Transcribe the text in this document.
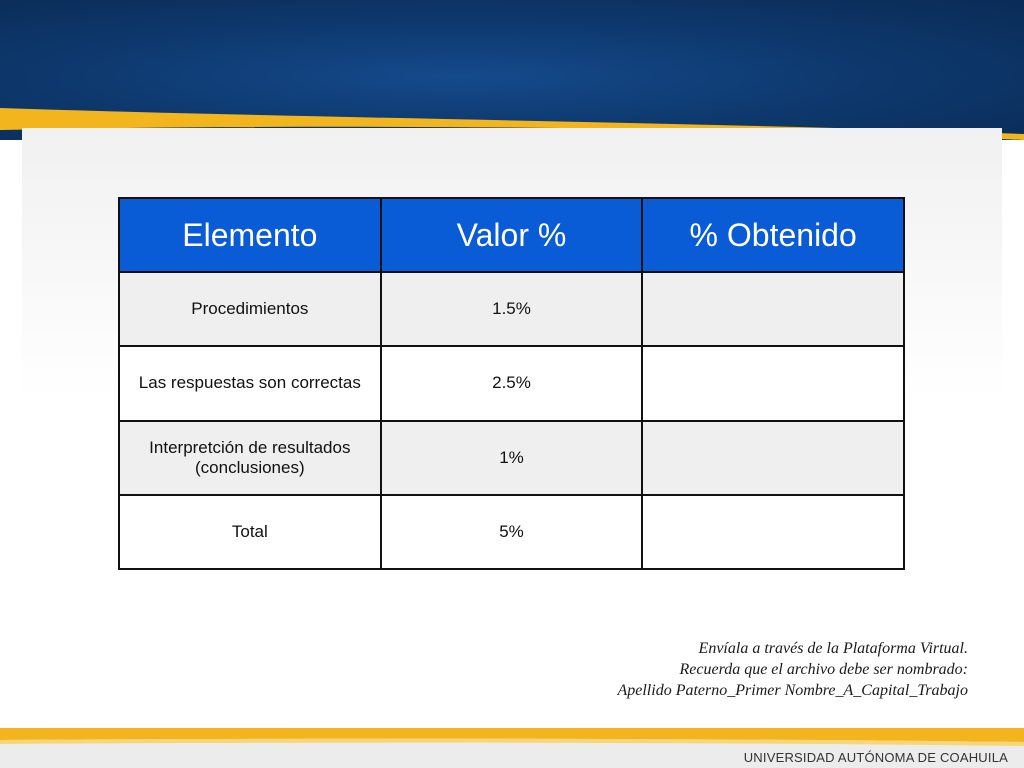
Elemento	Valor %	% Obtenido
Procedimientos	1.5%	
Las respuestas son correctas	2.5%	
Interpretción de resultados (conclusiones)	1%	
Total	5%	
Envíala a través de la Plataforma Virtual.
Recuerda que el archivo debe ser nombrado:
Apellido Paterno_Primer Nombre_A_Capital_Trabajo
UNIVERSIDAD AUTÓNOMA DE COAHUILA
